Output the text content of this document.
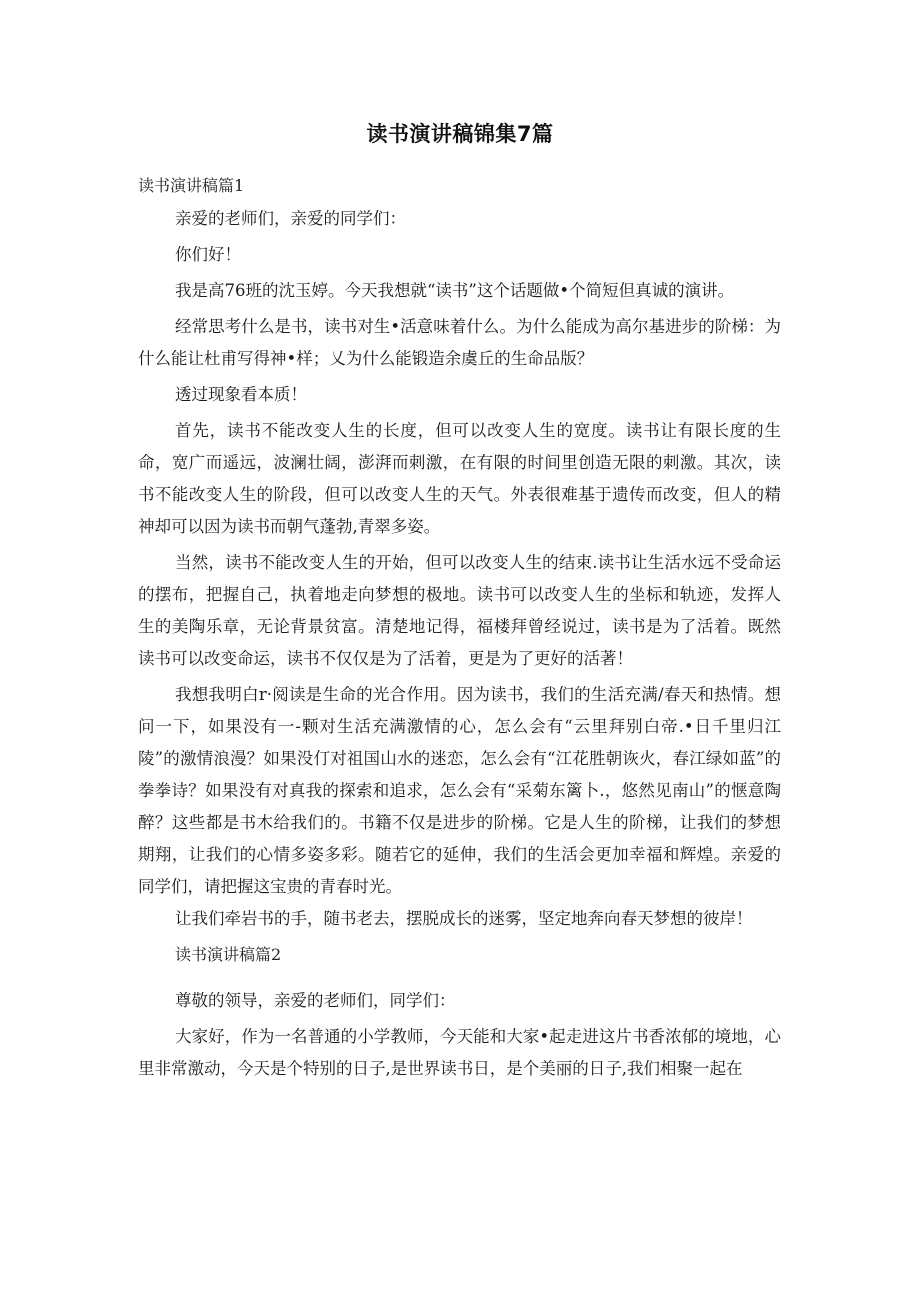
读书演讲稿锦集7篇
读书演讲稿篇1

亲爱的老师们，亲爱的同学们：

你们好！

我是高76班的沈玉婷。今天我想就“读书”这个话题做•个简短但真诚的演讲。

经常思考什么是书，读书对生•活意味着什么。为什么能成为高尔基进步的阶梯：为什么能让杜甫写得神•样；乂为什么能锻造余虞丘的生命品版？

透过现象看本质！

首先，读书不能改变人生的长度，但可以改变人生的宽度。读书让有限长度的生命，宽广而遥远，波澜壮阔，澎湃而刺激，在有限的时间里创造无限的刺激。其次，读书不能改变人生的阶段，但可以改变人生的天气。外表很难基于遗传而改变，但人的精神却可以因为读书而朝气蓬勃,青翠多姿。

当然，读书不能改变人生的开始，但可以改变人生的结束.读书让生活水远不受命运的摆布，把握自己，执着地走向梦想的极地。读书可以改变人生的坐标和轨迹，发挥人生的美陶乐章，无论背景贫富。清楚地记得，福楼拜曾经说过，读书是为了活着。既然读书可以改变命运，读书不仅仅是为了活着，更是为了更好的活著！

我想我明白r·阅读是生命的光合作用。因为读书，我们的生活充满/春天和热情。想问一下，如果没有一-颗对生活充满激情的心，怎么会有“云里拜别白帝.•日千里归江陵”的激情浪漫？如果没仃对祖国山水的迷恋，怎么会有“江花胜朝诙火，春江绿如蓝”的拳拳诗？如果没有对真我的探索和追求，怎么会有“采菊东篱卜.，悠然见南山”的惬意陶醉？这些都是书木给我们的。书籍不仅是进步的阶梯。它是人生的阶梯，让我们的梦想期翔，让我们的心情多姿多彩。随若它的延伸，我们的生活会更加幸福和辉煌。亲爱的同学们，请把握这宝贵的青春时光。

让我们牵岩书的手，随书老去，摆脱成长的迷雾，坚定地奔向春天梦想的彼岸！

读书演讲稿篇2

尊敬的领导，亲爱的老师们，同学们：

大家好，作为一名普通的小学教师，今天能和大家•起走进这片书香浓郁的境地，心里非常激动，今天是个特别的日子,是世界读书日，是个美丽的日子,我们相聚一起在
